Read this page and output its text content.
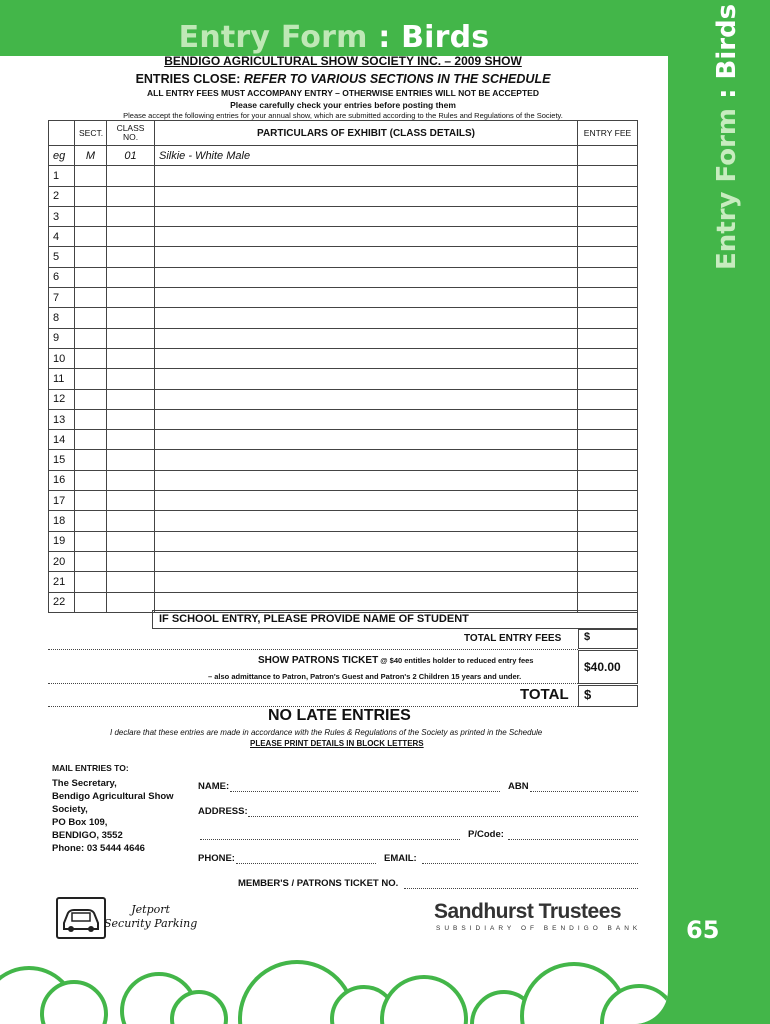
Entry Form : Birds
BENDIGO AGRICULTURAL SHOW SOCIETY INC. – 2009 SHOW
ENTRIES CLOSE: REFER TO VARIOUS SECTIONS IN THE SCHEDULE
ALL ENTRY FEES MUST ACCOMPANY ENTRY – OTHERWISE ENTRIES WILL NOT BE ACCEPTED
Please carefully check your entries before posting them
Please accept the following entries for your annual show, which are submitted according to the Rules and Regulations of the Society.
	SECT.	CLASS NO.	PARTICULARS OF EXHIBIT (CLASS DETAILS)	ENTRY FEE
eg	M	01	Silkie - White Male	
1				
2				
3				
4				
5				
6				
7				
8				
9				
10				
11				
12				
13				
14				
15				
16				
17				
18				
19				
20				
21				
22				
IF SCHOOL ENTRY, PLEASE PROVIDE NAME OF STUDENT
TOTAL ENTRY FEES	$
SHOW PATRONS TICKET @ $40 entitles holder to reduced entry fees	$40.00
– also admittance to Patron, Patron's Guest and Patron's 2 Children 15 years and under.
TOTAL	$
NO LATE ENTRIES
I declare that these entries are made in accordance with the Rules & Regulations of the Society as printed in the Schedule
PLEASE PRINT DETAILS IN BLOCK LETTERS
MAIL ENTRIES TO:
The Secretary,
Bendigo Agricultural Show
Society,
PO Box 109,
BENDIGO, 3552
Phone: 03 5444 4646
NAME:	ABN
ADDRESS:
P/Code:
PHONE:	EMAIL:
MEMBER'S / PATRONS TICKET NO.
Jetport
Security Parking
Sandhurst Trustees
SUBSIDIARY OF BENDIGO BANK
Entry Form : Birds
65
